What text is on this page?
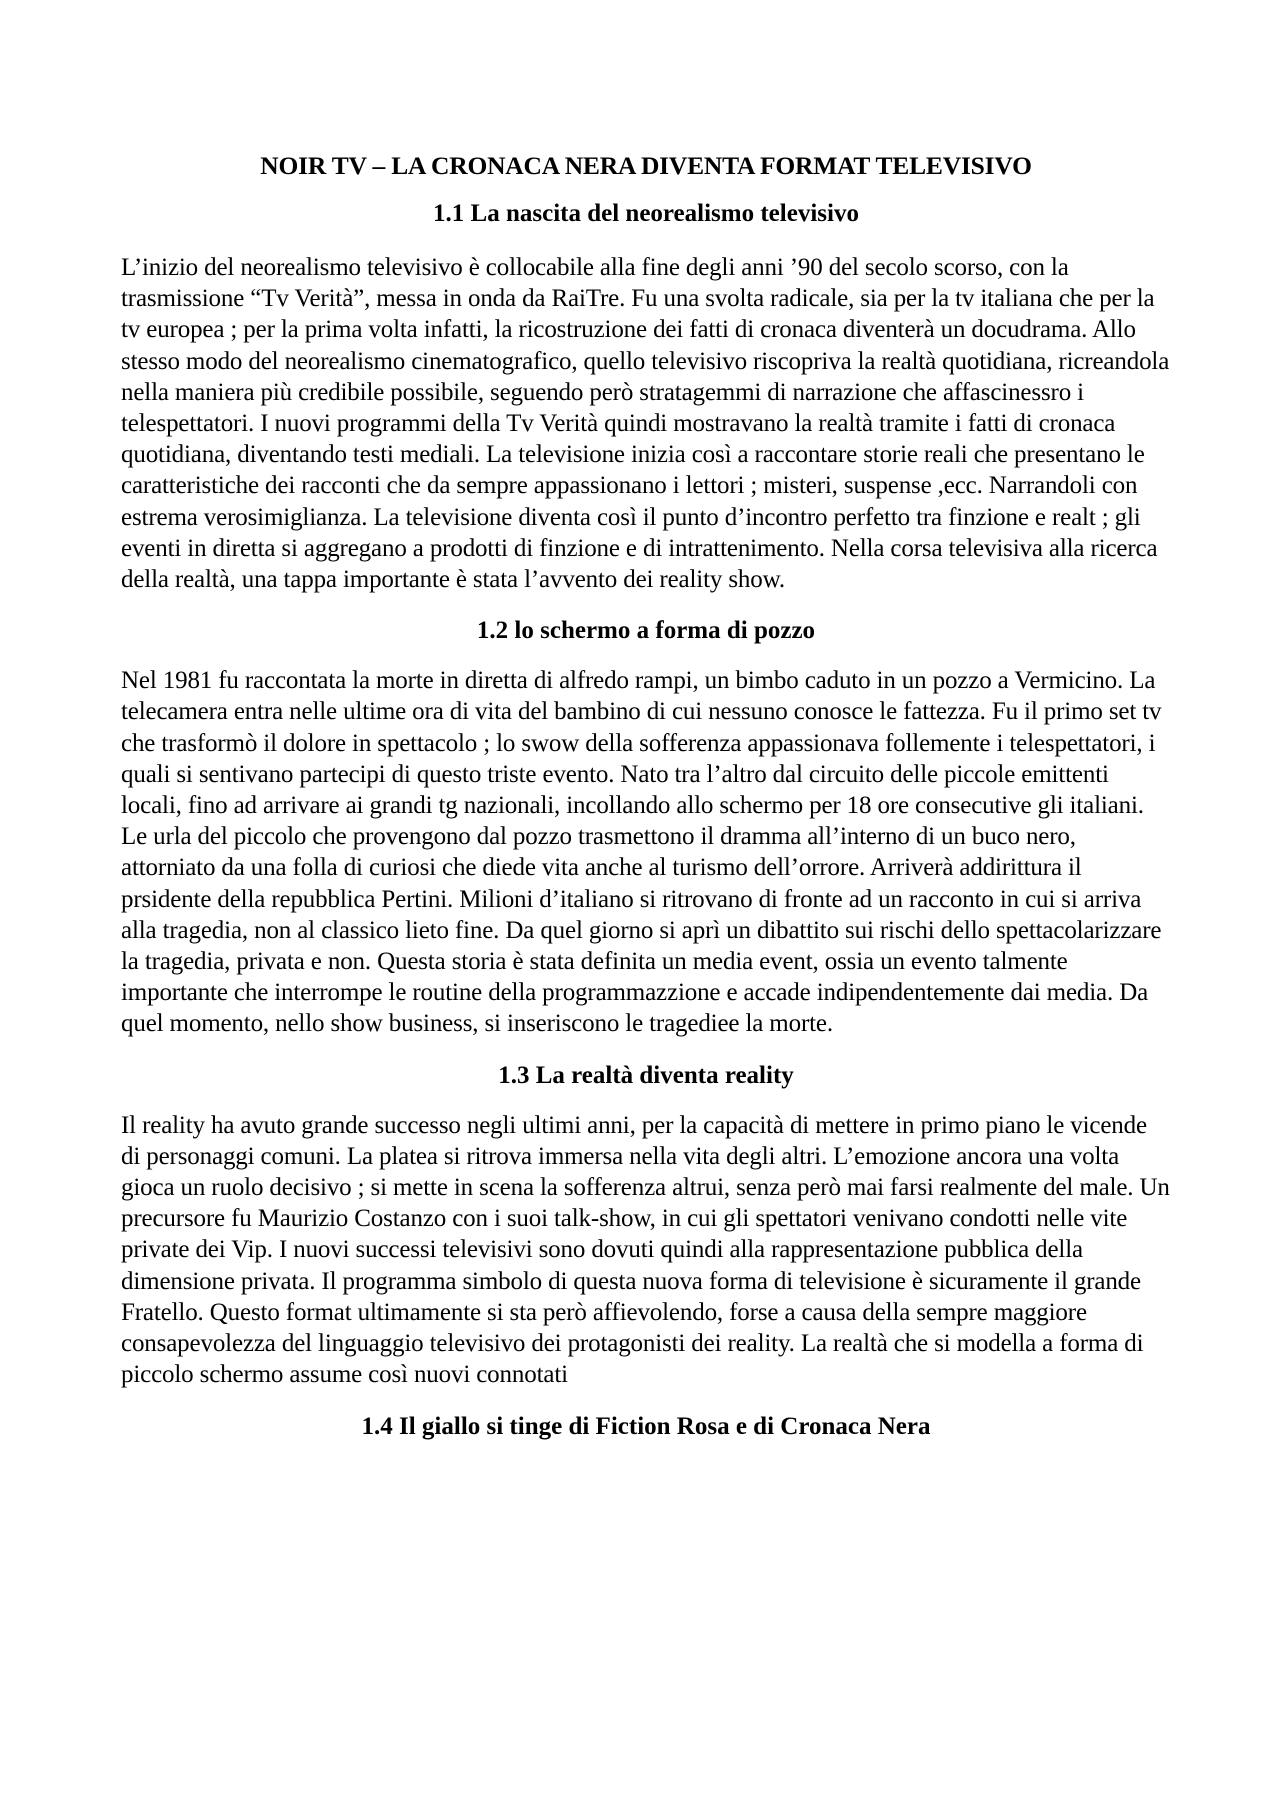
NOIR TV – LA CRONACA NERA DIVENTA FORMAT TELEVISIVO
1.1 La nascita del neorealismo televisivo

L’inizio del neorealismo televisivo è collocabile alla fine degli anni ’90 del secolo scorso, con la trasmissione “Tv Verità”, messa in onda da RaiTre. Fu una svolta radicale, sia per la tv italiana che per la tv europea ; per la prima volta infatti, la ricostruzione dei fatti di cronaca diventerà un docudrama. Allo stesso modo del neorealismo cinematografico, quello televisivo riscopriva la realtà quotidiana, ricreandola nella maniera più credibile possibile, seguendo però stratagemmi di narrazione che affascinessro i telespettatori. I nuovi programmi della Tv Verità quindi mostravano la realtà tramite i fatti di cronaca quotidiana, diventando testi mediali. La televisione inizia così a raccontare storie reali che presentano le caratteristiche dei racconti che da sempre appassionano i lettori ; misteri, suspense ,ecc. Narrandoli con estrema verosimiglianza. La televisione diventa così il punto d’incontro perfetto tra finzione e realt ; gli eventi in diretta si aggregano a prodotti di finzione e di intrattenimento. Nella corsa televisiva alla ricerca della realtà, una tappa importante è stata l’avvento dei reality show.

1.2 lo schermo a forma di pozzo

Nel 1981 fu raccontata la morte in diretta di alfredo rampi, un bimbo caduto in un pozzo a Vermicino. La telecamera entra nelle ultime ora di vita del bambino di cui nessuno conosce le fattezza. Fu il primo set tv che trasformò il dolore in spettacolo ; lo swow della sofferenza appassionava follemente i telespettatori, i quali si sentivano partecipi di questo triste evento. Nato tra l’altro dal circuito delle piccole emittenti locali, fino ad arrivare ai grandi tg nazionali, incollando allo schermo per 18 ore consecutive gli italiani. Le urla del piccolo che provengono dal pozzo trasmettono il dramma all’interno di un buco nero, attorniato da una folla di curiosi che diede vita anche al turismo dell’orrore. Arriverà addirittura il prsidente della repubblica Pertini. Milioni d’italiano si ritrovano di fronte ad un racconto in cui si arriva alla tragedia, non al classico lieto fine. Da quel giorno si aprì un dibattito sui rischi dello spettacolarizzare la tragedia, privata e non. Questa storia è stata definita un media event, ossia un evento talmente importante che interrompe le routine della programmazzione e accade indipendentemente dai media. Da quel momento, nello show business, si inseriscono le tragediee la morte.

1.3 La realtà diventa reality

Il reality ha avuto grande successo negli ultimi anni, per la capacità di mettere in primo piano le vicende di personaggi comuni. La platea si ritrova immersa nella vita degli altri. L’emozione ancora una volta gioca un ruolo decisivo ; si mette in scena la sofferenza altrui, senza però mai farsi realmente del male. Un precursore fu Maurizio Costanzo con i suoi talk-show, in cui gli spettatori venivano condotti nelle vite private dei Vip. I nuovi successi televisivi sono dovuti quindi alla rappresentazione pubblica della dimensione privata. Il programma simbolo di questa nuova forma di televisione è sicuramente il grande Fratello. Questo format ultimamente si sta però affievolendo, forse a causa della sempre maggiore consapevolezza del linguaggio televisivo dei protagonisti dei reality. La realtà che si modella a forma di piccolo schermo assume così nuovi connotati

1.4 Il giallo si tinge di Fiction Rosa e di Cronaca Nera
